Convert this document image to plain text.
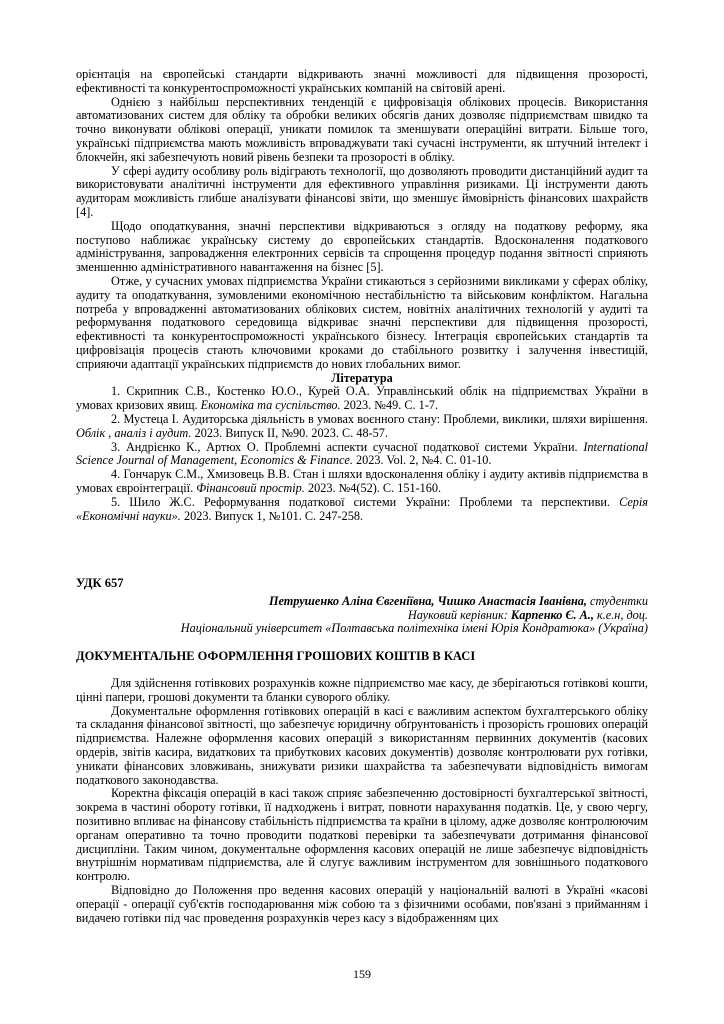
орієнтація на європейські стандарти відкривають значні можливості для підвищення прозорості, ефективності та конкурентоспроможності українських компаній на світовій арені.

Однією з найбільш перспективних тенденцій є цифровізація облікових процесів. Використання автоматизованих систем для обліку та обробки великих обсягів даних дозволяє підприємствам швидко та точно виконувати облікові операції, уникати помилок та зменшувати операційні витрати. Більше того, українські підприємства мають можливість впроваджувати такі сучасні інструменти, як штучний інтелект і блокчейн, які забезпечують новий рівень безпеки та прозорості в обліку.

У сфері аудиту особливу роль відіграють технології, що дозволяють проводити дистанційний аудит та використовувати аналітичні інструменти для ефективного управління ризиками. Ці інструменти дають аудиторам можливість глибше аналізувати фінансові звіти, що зменшує ймовірність фінансових шахрайств [4].

Щодо оподаткування, значні перспективи відкриваються з огляду на податкову реформу, яка поступово наближає українську систему до європейських стандартів. Вдосконалення податкового адміністрування, запровадження електронних сервісів та спрощення процедур подання звітності сприяють зменшенню адміністративного навантаження на бізнес [5].

Отже, у сучасних умовах підприємства України стикаються з серйозними викликами у сферах обліку, аудиту та оподаткування, зумовленими економічною нестабільністю та військовим конфліктом. Нагальна потреба у впровадженні автоматизованих облікових систем, новітніх аналітичних технологій у аудиті та реформування податкового середовища відкриває значні перспективи для підвищення прозорості, ефективності та конкурентоспроможності українського бізнесу. Інтеграція європейських стандартів та цифровізація процесів стають ключовими кроками до стабільного розвитку і залучення інвестицій, сприяючи адаптації українських підприємств до нових глобальних вимог.

Література

1. Скрипник С.В., Костенко Ю.О., Курей О.А. Управлінський облік на підприємствах України в умовах кризових явищ. Економіка та суспільство. 2023. №49. С. 1-7.

2. Мустеца І. Аудиторська діяльність в умовах воєнного стану: Проблеми, виклики, шляхи вирішення. Облік , аналіз і аудит. 2023. Випуск ІІ, №90. 2023. С. 48-57.

3. Андрієнко К., Артюх О. Проблемні аспекти сучасної податкової системи України. International Science Journal of Management, Economics & Finance. 2023. Vol. 2, №4. С. 01-10.

4. Гончарук С.М., Хмизовець В.В. Стан і шляхи вдосконалення обліку і аудиту активів підприємства в умовах євроінтеграції. Фінансовий простір. 2023. №4(52). С. 151-160.

5. Шило Ж.С. Реформування податкової системи України: Проблеми та перспективи. Серія «Економічні науки». 2023. Випуск 1, №101. С. 247-258.

УДК 657

Петрушенко Аліна Євгеніївна, Чишко Анастасія Іванівна, студентки

Науковий керівник: Карпенко Є. А., к.е.н, доц.

Національний університет «Полтавська політехніка імені Юрія Кондратюка» (Україна)

ДОКУМЕНТАЛЬНЕ ОФОРМЛЕННЯ ГРОШОВИХ КОШТІВ В КАСІ

Для здійснення готівкових розрахунків кожне підприємство має касу, де зберігаються готівкові кошти, цінні папери, грошові документи та бланки суворого обліку.

Документальне оформлення готівкових операцій в касі є важливим аспектом бухгалтерського обліку та складання фінансової звітності, що забезпечує юридичну обґрунтованість і прозорість грошових операцій підприємства. Належне оформлення касових операцій з використанням первинних документів (касових ордерів, звітів касира, видаткових та прибуткових касових документів) дозволяє контролювати рух готівки, уникати фінансових зловживань, знижувати ризики шахрайства та забезпечувати відповідність вимогам податкового законодавства.

Коректна фіксація операцій в касі також сприяє забезпеченню достовірності бухгалтерської звітності, зокрема в частині обороту готівки, її надходжень і витрат, повноти нарахування податків. Це, у свою чергу, позитивно впливає на фінансову стабільність підприємства та країни в цілому, адже дозволяє контролюючим органам оперативно та точно проводити податкові перевірки та забезпечувати дотримання фінансової дисципліни. Таким чином, документальне оформлення касових операцій не лише забезпечує відповідність внутрішнім нормативам підприємства, але й слугує важливим інструментом для зовнішнього податкового контролю.

Відповідно до Положення про ведення касових операцій у національній валюті в Україні «касові операції - операції суб'єктів господарювання між собою та з фізичними особами, пов'язані з прийманням і видачею готівки під час проведення розрахунків через касу з відображенням цих

159
